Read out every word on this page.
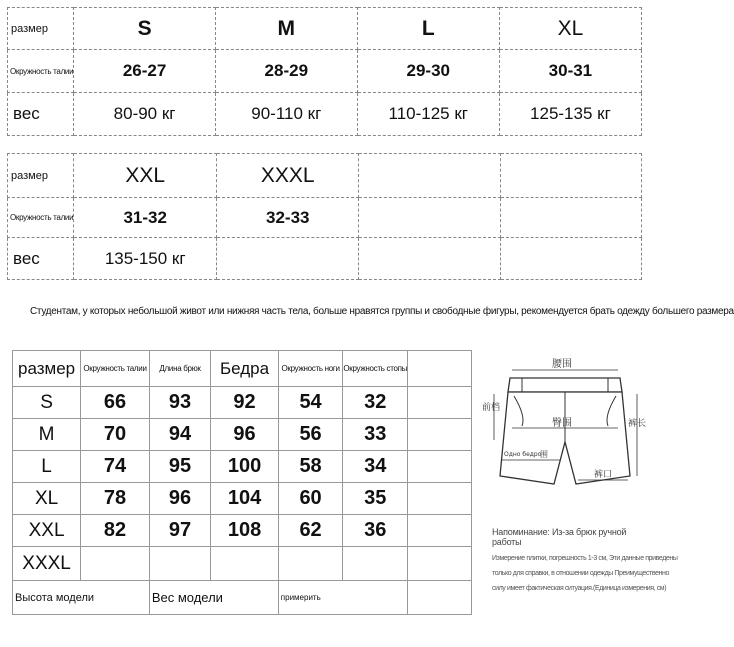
размер	S	M	L	XL
Окружность талии	26-27	28-29	29-30	30-31
вес	80-90 кг	90-110 кг	110-125 кг	125-135 кг
размер	XXL	XXXL		
Окружность талии	31-32	32-33		
вес	135-150 кг			
Студентам, у которых небольшой живот или нижняя часть тела, больше нравятся группы и свободные фигуры, рекомендуется брать одежду большего размера
размер	Окружность талии	Длина брюк	Бедра	Окружность ноги	Окружность стопы	
S	66	93	92	54	32	
M	70	94	96	56	33	
L	74	95	100	58	34	
XL	78	96	104	60	35	
XXL	82	97	108	62	36	
XXXL						
Высота модели		Вес модели		примерить		
腰围
前档
臀围	裤长
Одно бедро
围
裤口
Напоминание: Из-за брюк ручной работы
Измерение плитки, погрешность 1-3 см, Эти данные приведены
только для справки, в отношении одежды Преимущественно
силу имеет фактическая ситуация.(Единица измерения, см)
